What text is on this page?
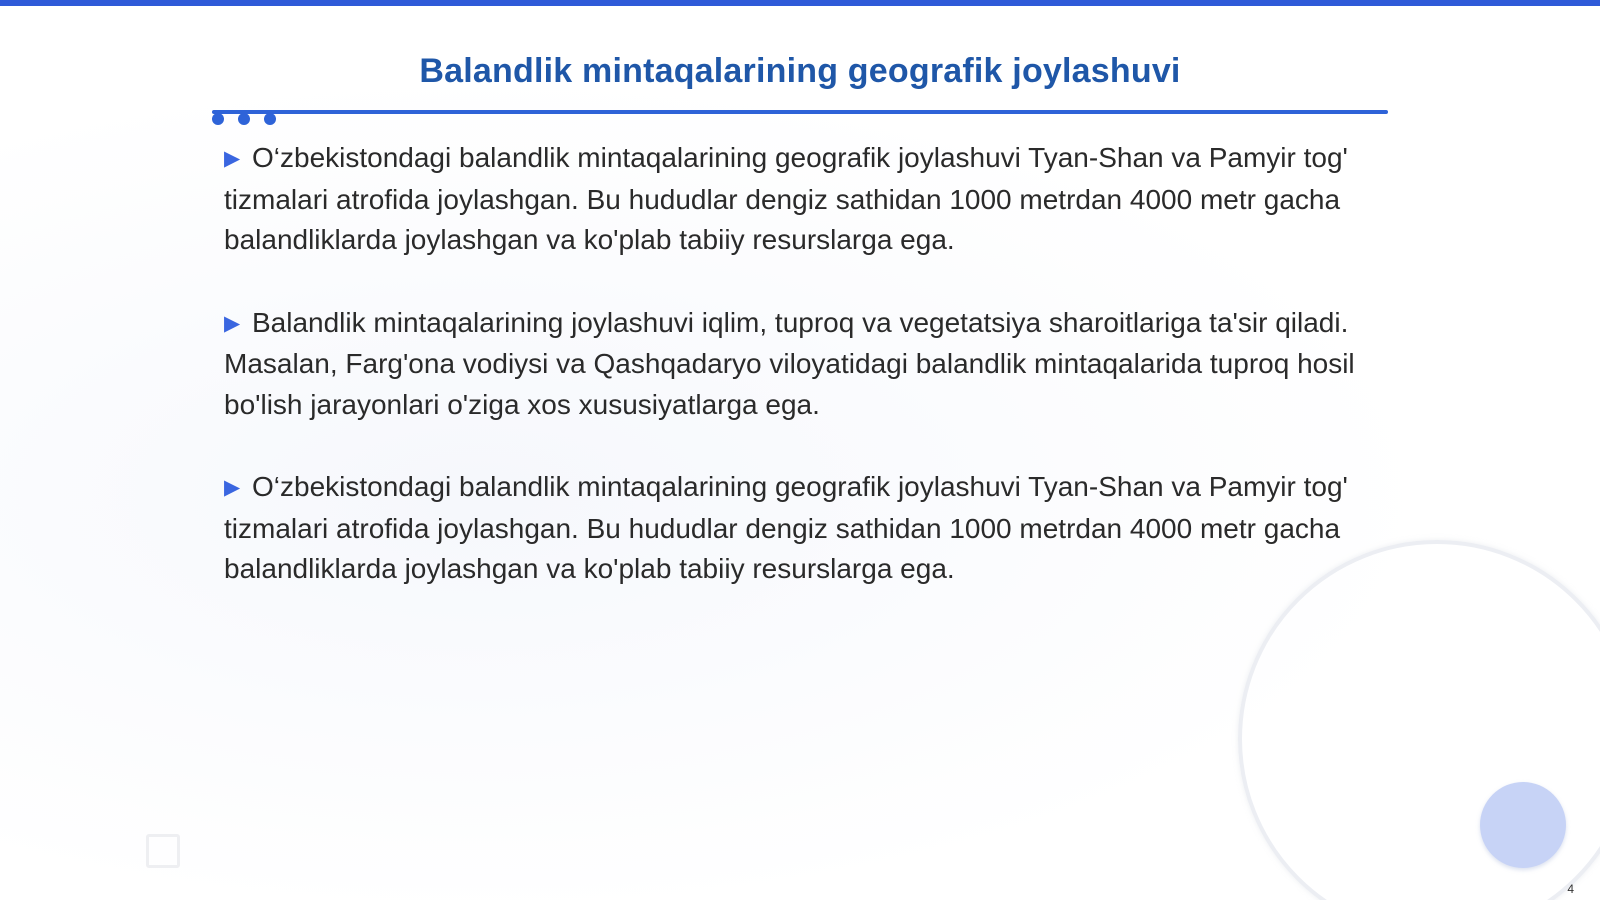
Balandlik mintaqalarining geografik joylashuvi

▶ O‘zbekistondagi balandlik mintaqalarining geografik joylashuvi Tyan-Shan va Pamyir tog' tizmalari atrofida joylashgan. Bu hududlar dengiz sathidan 1000 metrdan 4000 metr gacha balandliklarda joylashgan va ko'plab tabiiy resurslarga ega.

▶ Balandlik mintaqalarining joylashuvi iqlim, tuproq va vegetatsiya sharoitlariga ta'sir qiladi. Masalan, Farg'ona vodiysi va Qashqadaryo viloyatidagi balandlik mintaqalarida tuproq hosil bo'lish jarayonlari o'ziga xos xususiyatlarga ega.

▶ O‘zbekistondagi balandlik mintaqalarining geografik joylashuvi Tyan-Shan va Pamyir tog' tizmalari atrofida joylashgan. Bu hududlar dengiz sathidan 1000 metrdan 4000 metr gacha balandliklarda joylashgan va ko'plab tabiiy resurslarga ega.

4
